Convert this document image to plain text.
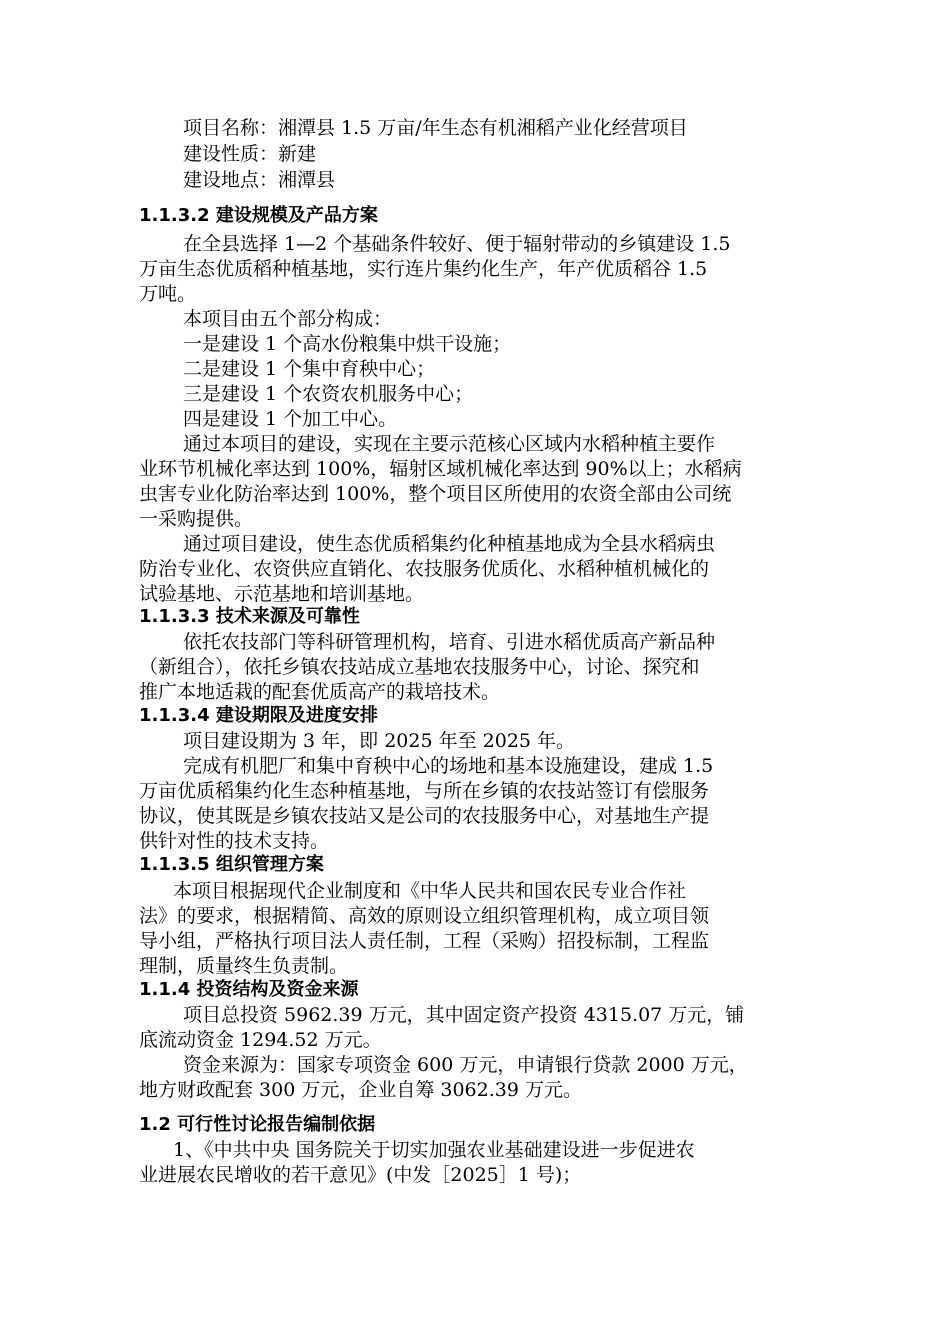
项目名称：湘潭县 1.5 万亩/年生态有机湘稻产业化经营项目
建设性质：新建
建设地点：湘潭县
1.1.3.2 建设规模及产品方案
在全县选择 1—2 个基础条件较好、便于辐射带动的乡镇建设 1.5
万亩生态优质稻种植基地，实行连片集约化生产，年产优质稻谷 1.5
万吨。
本项目由五个部分构成：
一是建设 1 个高水份粮集中烘干设施；
二是建设 1 个集中育秧中心；
三是建设 1 个农资农机服务中心；
四是建设 1 个加工中心。
通过本项目的建设，实现在主要示范核心区域内水稻种植主要作
业环节机械化率达到 100%，辐射区域机械化率达到 90%以上；水稻病
虫害专业化防治率达到 100%，整个项目区所使用的农资全部由公司统
一采购提供。
通过项目建设，使生态优质稻集约化种植基地成为全县水稻病虫
防治专业化、农资供应直销化、农技服务优质化、水稻种植机械化的
试验基地、示范基地和培训基地。
1.1.3.3 技术来源及可靠性
依托农技部门等科研管理机构，培育、引进水稻优质高产新品种
（新组合），依托乡镇农技站成立基地农技服务中心，讨论、探究和
推广本地适栽的配套优质高产的栽培技术。
1.1.3.4 建设期限及进度安排
项目建设期为 3 年，即 2025 年至 2025 年。
完成有机肥厂和集中育秧中心的场地和基本设施建设，建成 1.5
万亩优质稻集约化生态种植基地，与所在乡镇的农技站签订有偿服务
协议，使其既是乡镇农技站又是公司的农技服务中心，对基地生产提
供针对性的技术支持。
1.1.3.5 组织管理方案
本项目根据现代企业制度和《中华人民共和国农民专业合作社
法》的要求，根据精简、高效的原则设立组织管理机构，成立项目领
导小组，严格执行项目法人责任制，工程（采购）招投标制，工程监
理制，质量终生负责制。
1.1.4 投资结构及资金来源
项目总投资 5962.39 万元，其中固定资产投资 4315.07 万元，铺
底流动资金 1294.52 万元。
资金来源为：国家专项资金 600 万元，申请银行贷款 2000 万元，
地方财政配套 300 万元，企业自筹 3062.39 万元。
1.2 可行性讨论报告编制依据
1、《中共中央 国务院关于切实加强农业基础建设进一步促进农
业进展农民增收的若干意见》(中发［2025］1 号)；
